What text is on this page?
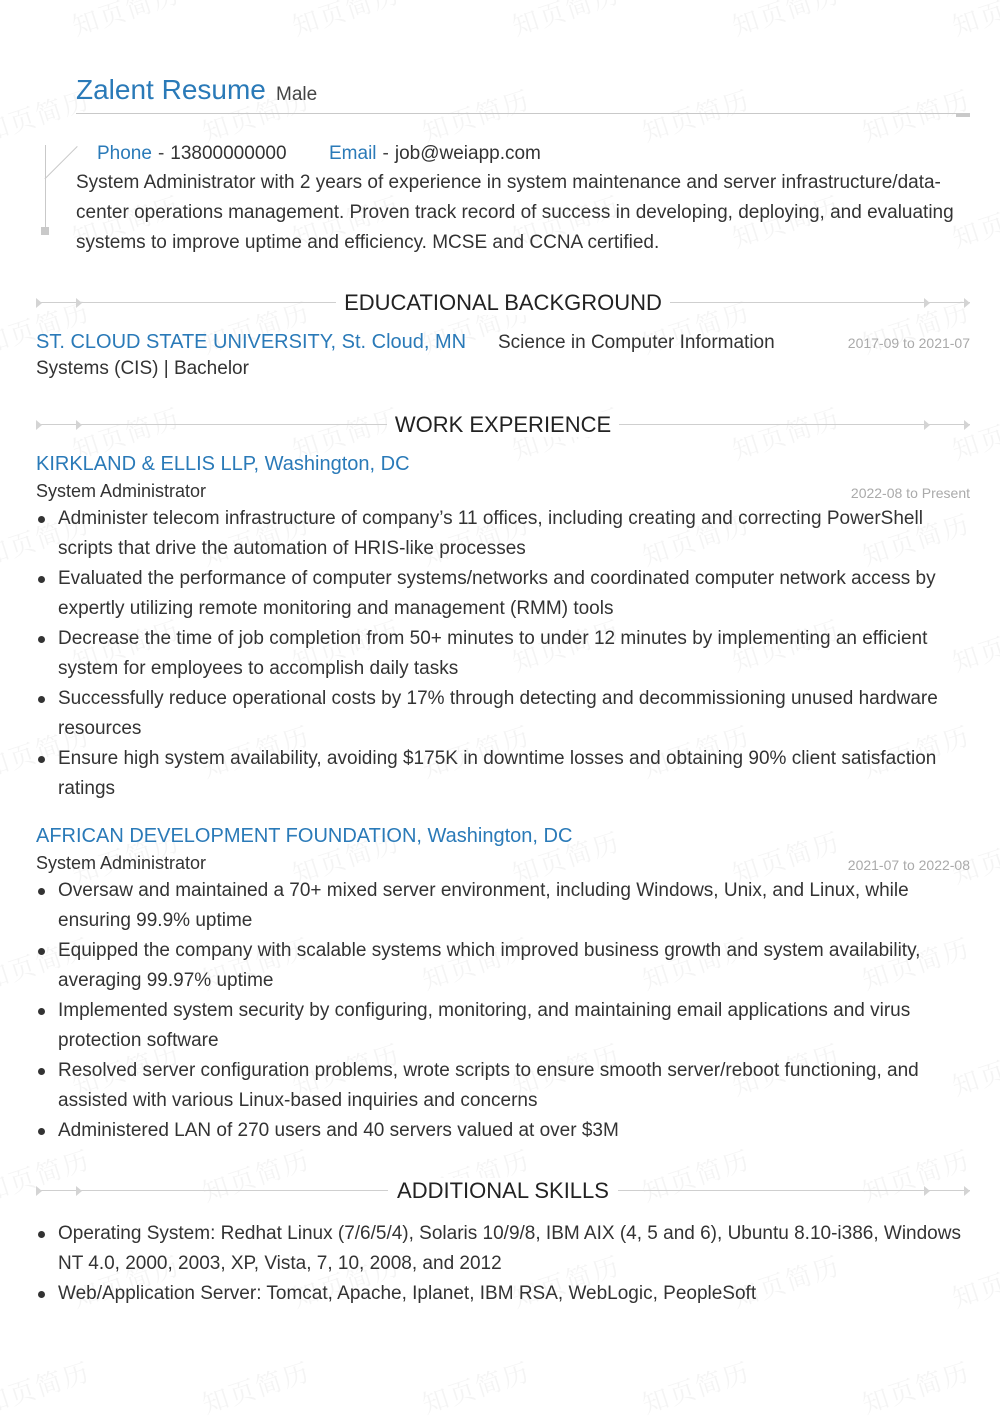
Zalent Resume Male
Phone - 13800000000 Email - job@weiapp.com
System Administrator with 2 years of experience in system maintenance and server infrastructure/data-center operations management. Proven track record of success in developing, deploying, and evaluating systems to improve uptime and efficiency. MCSE and CCNA certified.
EDUCATIONAL BACKGROUND
ST. CLOUD STATE UNIVERSITY, St. Cloud, MN Science in Computer Information	2017-09 to 2021-07
Systems (CIS) | Bachelor
WORK EXPERIENCE
KIRKLAND & ELLIS LLP, Washington, DC
System Administrator	2022-08 to Present
Administer telecom infrastructure of company’s 11 offices, including creating and correcting PowerShell scripts that drive the automation of HRIS-like processes
Evaluated the performance of computer systems/networks and coordinated computer network access by expertly utilizing remote monitoring and management (RMM) tools
Decrease the time of job completion from 50+ minutes to under 12 minutes by implementing an efficient system for employees to accomplish daily tasks
Successfully reduce operational costs by 17% through detecting and decommissioning unused hardware resources
Ensure high system availability, avoiding $175K in downtime losses and obtaining 90% client satisfaction ratings
AFRICAN DEVELOPMENT FOUNDATION, Washington, DC
System Administrator	2021-07 to 2022-08
Oversaw and maintained a 70+ mixed server environment, including Windows, Unix, and Linux, while ensuring 99.9% uptime
Equipped the company with scalable systems which improved business growth and system availability, averaging 99.97% uptime
Implemented system security by configuring, monitoring, and maintaining email applications and virus protection software
Resolved server configuration problems, wrote scripts to ensure smooth server/reboot functioning, and assisted with various Linux-based inquiries and concerns
Administered LAN of 270 users and 40 servers valued at over $3M
ADDITIONAL SKILLS
Operating System: Redhat Linux (7/6/5/4), Solaris 10/9/8, IBM AIX (4, 5 and 6), Ubuntu 8.10-i386, Windows NT 4.0, 2000, 2003, XP, Vista, 7, 10, 2008, and 2012
Web/Application Server: Tomcat, Apache, Iplanet, IBM RSA, WebLogic, PeopleSoft
